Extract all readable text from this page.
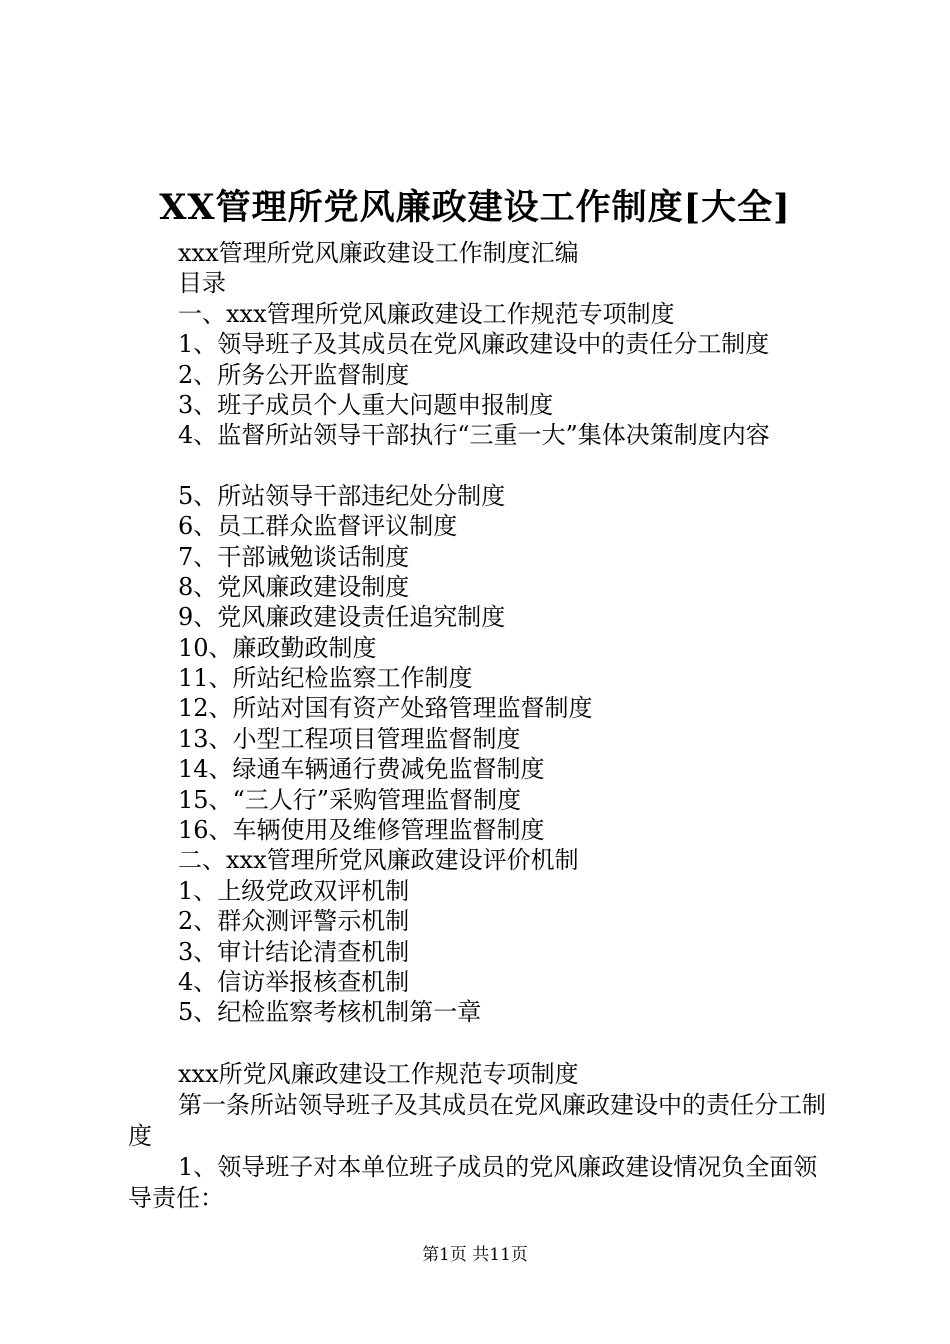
XX管理所党风廉政建设工作制度[大全]
xxx管理所党风廉政建设工作制度汇编
目录
一、xxx管理所党风廉政建设工作规范专项制度
1、领导班子及其成员在党风廉政建设中的责任分工制度
2、所务公开监督制度
3、班子成员个人重大问题申报制度
4、监督所站领导干部执行“三重一大”集体决策制度内容
5、所站领导干部违纪处分制度
6、员工群众监督评议制度
7、干部诫勉谈话制度
8、党风廉政建设制度
9、党风廉政建设责任追究制度
10、廉政勤政制度
11、所站纪检监察工作制度
12、所站对国有资产处臵管理监督制度
13、小型工程项目管理监督制度
14、绿通车辆通行费减免监督制度
15、“三人行”采购管理监督制度
16、车辆使用及维修管理监督制度
二、xxx管理所党风廉政建设评价机制
1、上级党政双评机制
2、群众测评警示机制
3、审计结论清查机制
4、信访举报核查机制
5、纪检监察考核机制第一章
xxx所党风廉政建设工作规范专项制度
第一条所站领导班子及其成员在党风廉政建设中的责任分工制度
1、领导班子对本单位班子成员的党风廉政建设情况负全面领导责任：
第1页 共11页
